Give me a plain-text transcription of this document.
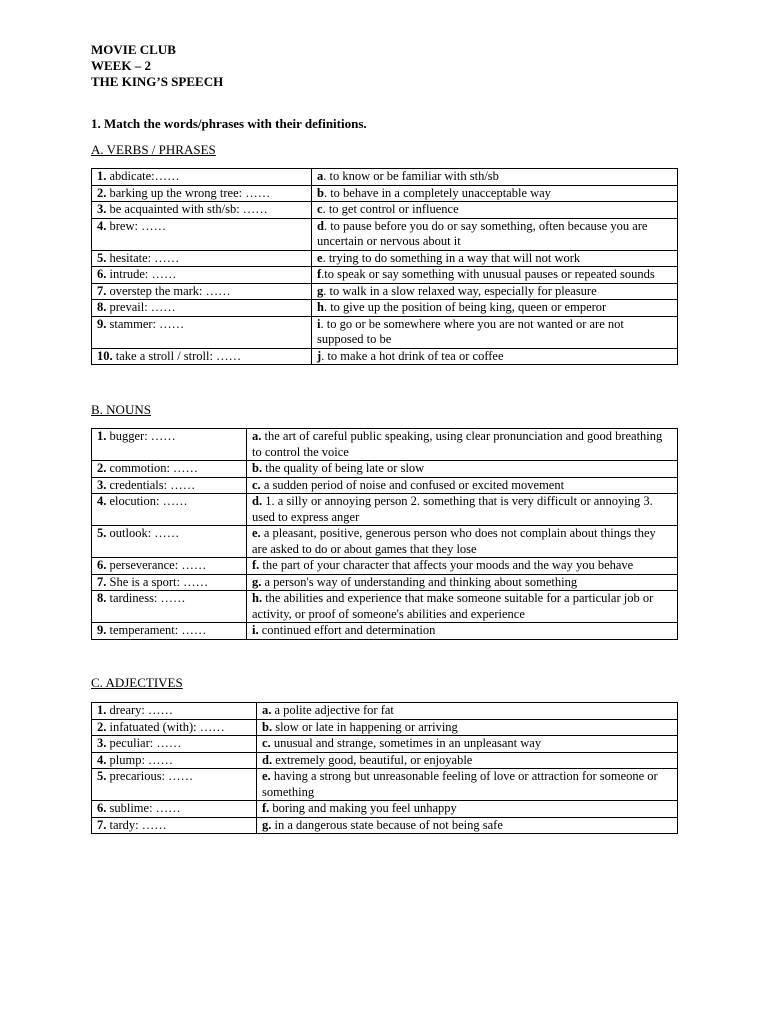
MOVIE CLUB
WEEK – 2
THE KING’S SPEECH
1. Match the words/phrases with their definitions.
A. VERBS / PHRASES
1. abdicate:……	a. to know or be familiar with sth/sb
2. barking up the wrong tree: ……	b. to behave in a completely unacceptable way
3. be acquainted with sth/sb: ……	c. to get control or influence
4. brew: ……	d. to pause before you do or say something, often because you are uncertain or nervous about it
5. hesitate: ……	e. trying to do something in a way that will not work
6. intrude: ……	f.to speak or say something with unusual pauses or repeated sounds
7. overstep the mark: ……	g. to walk in a slow relaxed way, especially for pleasure
8. prevail: ……	h. to give up the position of being king, queen or emperor
9. stammer: ……	i. to go or be somewhere where you are not wanted or are not supposed to be
10. take a stroll / stroll: ……	j. to make a hot drink of tea or coffee
B. NOUNS
1. bugger: ……	a. the art of careful public speaking, using clear pronunciation and good breathing to control the voice
2. commotion: ……	b. the quality of being late or slow
3. credentials: ……	c. a sudden period of noise and confused or excited movement
4. elocution: ……	d. 1. a silly or annoying person 2. something that is very difficult or annoying 3. used to express anger
5. outlook: ……	e. a pleasant, positive, generous person who does not complain about things they are asked to do or about games that they lose
6. perseverance: ……	f. the part of your character that affects your moods and the way you behave
7. She is a sport: ……	g. a person's way of understanding and thinking about something
8. tardiness: ……	h. the abilities and experience that make someone suitable for a particular job or activity, or proof of someone's abilities and experience
9. temperament: ……	i. continued effort and determination
C. ADJECTIVES
1. dreary: ……	a. a polite adjective for fat
2. infatuated (with): ……	b. slow or late in happening or arriving
3. peculiar: ……	c. unusual and strange, sometimes in an unpleasant way
4. plump: ……	d. extremely good, beautiful, or enjoyable
5. precarious: ……	e. having a strong but unreasonable feeling of love or attraction for someone or something
6. sublime: ……	f. boring and making you feel unhappy
7. tardy: ……	g. in a dangerous state because of not being safe
